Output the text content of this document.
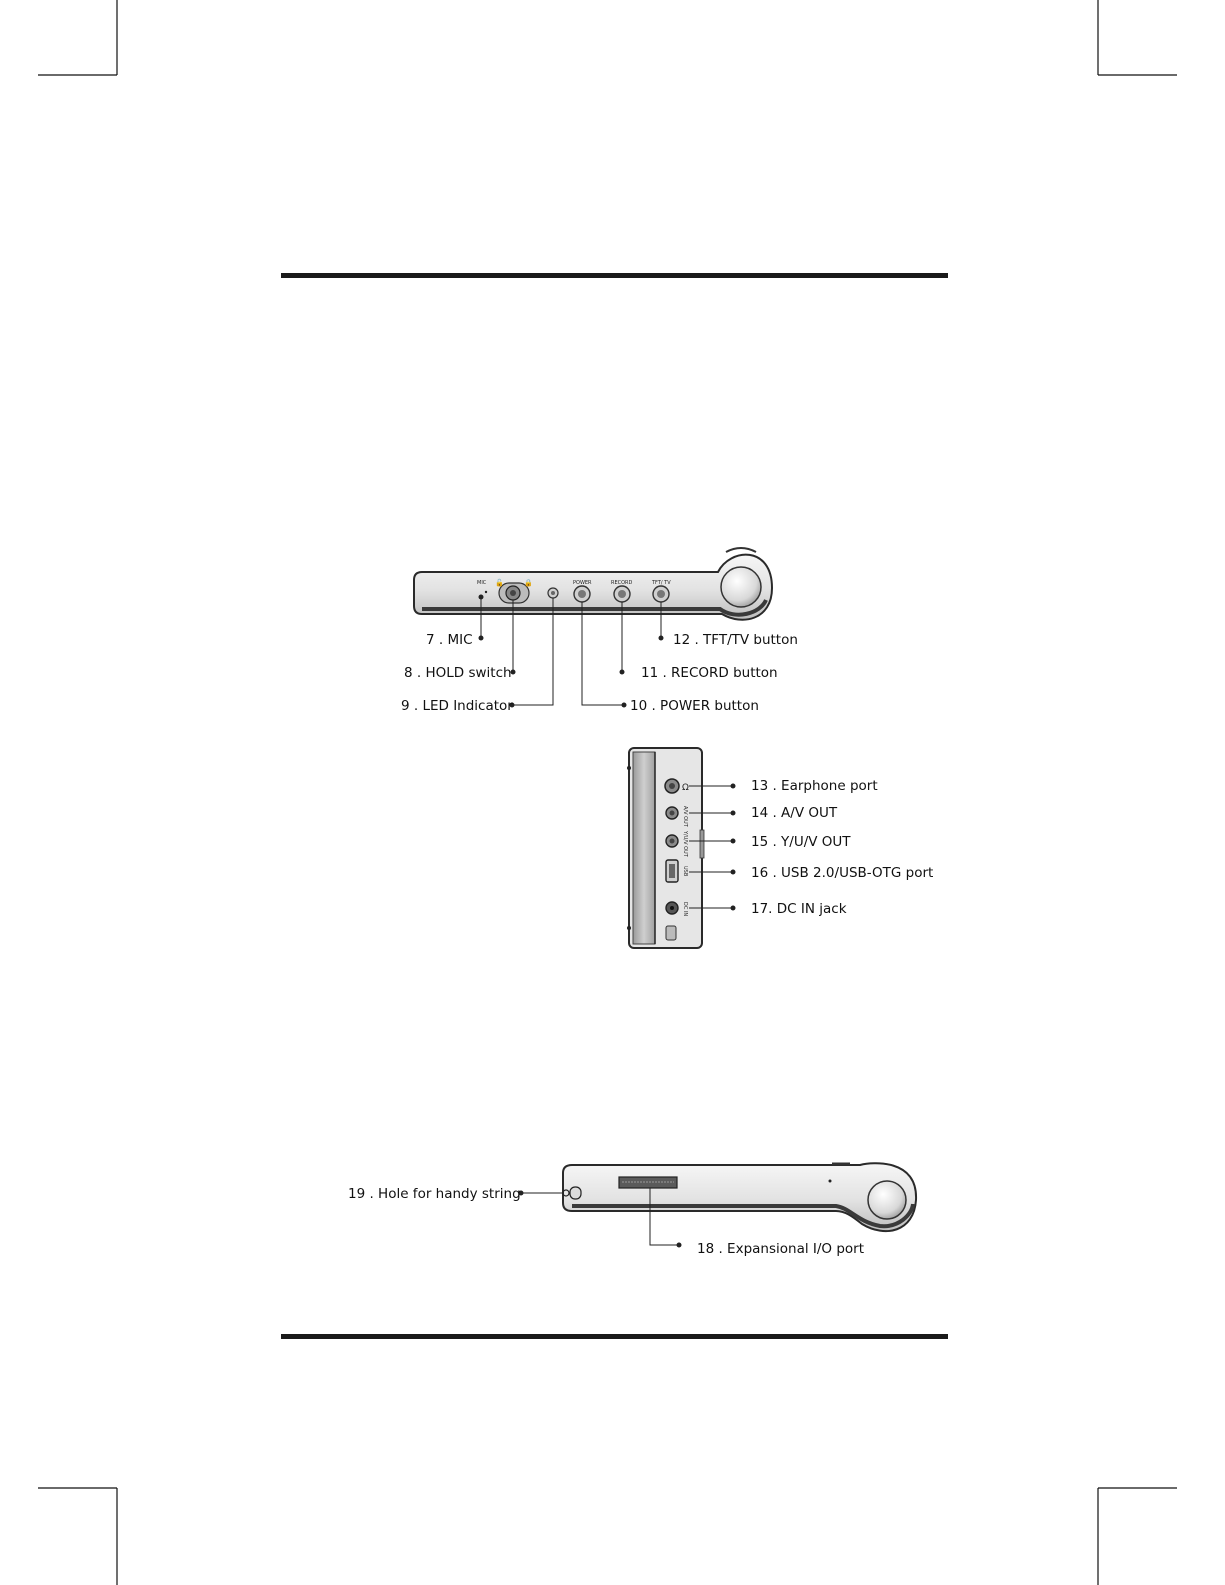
MIC 🔓	🔒	POWER	RECORD	TFT/ TV
7 . MIC
8 . HOLD switch
9 . LED Indicator	10 . POWER button
11 . RECORD button
12 . TFT/TV button
Ω
A/V OUT
Y/U/V OUT
USB
DC IN
13 . Earphone port
14 . A/V OUT
15 . Y/U/V OUT
16 . USB 2.0/USB-OTG port
17. DC IN jack
19 . Hole for handy string
18 . Expansional I/O port
